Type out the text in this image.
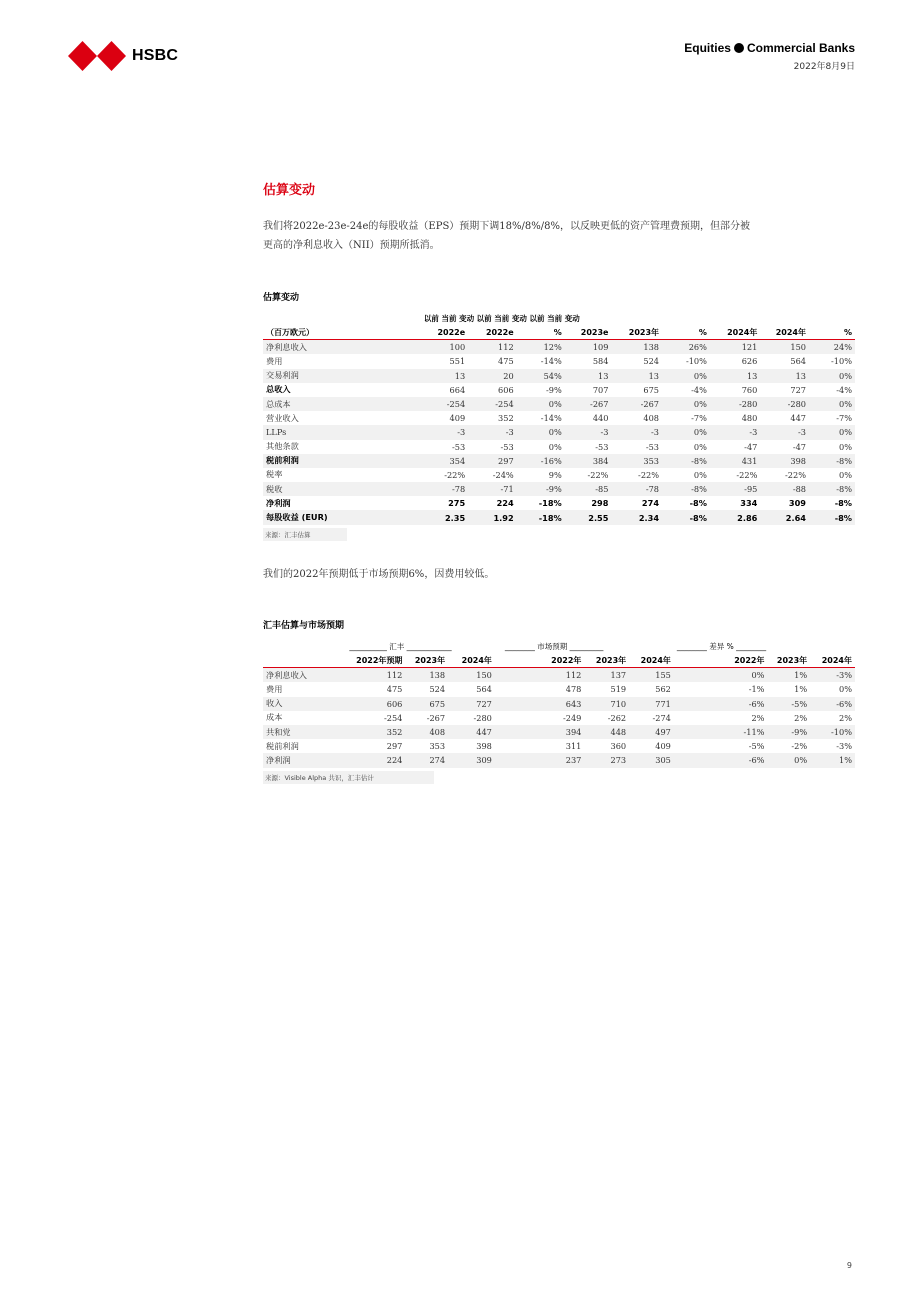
HSBC	Equities Commercial Banks
2022年8月9日
估算变动
我们将2022e-23e-24e的每股收益（EPS）预期下调18%/8%/8%，以反映更低的资产管理费预期，但部分被
更高的净利息收入（NII）预期所抵消。
估算变动
	以前 当前 变动 以前 当前 变动 以前 当前 变动								
（百万欧元）	2022e	2022e	%	2023e	2023年	%	2024年	2024年	%
净利息收入	100	112	12%	109	138	26%	121	150	24%
费用	551	475	-14%	584	524	-10%	626	564	-10%
交易利润	13	20	54%	13	13	0%	13	13	0%
总收入	664	606	-9%	707	675	-4%	760	727	-4%
总成本	-254	-254	0%	-267	-267	0%	-280	-280	0%
营业收入	409	352	-14%	440	408	-7%	480	447	-7%
LLPs	-3	-3	0%	-3	-3	0%	-3	-3	0%
其他条款	-53	-53	0%	-53	-53	0%	-47	-47	0%
税前利润	354	297	-16%	384	353	-8%	431	398	-8%
税率	-22%	-24%	9%	-22%	-22%	0%	-22%	-22%	0%
税收	-78	-71	-9%	-85	-78	-8%	-95	-88	-8%
净利润	275	224	-18%	298	274	-8%	334	309	-8%
每股收益 (EUR)	2.35	1.92	-18%	2.55	2.34	-8%	2.86	2.64	-8%
来源：汇丰估算
我们的2022年预期低于市场预期6%，因费用较低。
汇丰估算与市场预期
	__________ 汇丰 ____________			________ 市场预期 _________				________ 差异 % ________			
	2022年预期	2023年	2024年		2022年	2023年	2024年		2022年	2023年	2024年
净利息收入	112	138	150		112	137	155		0%	1%	-3%
费用	475	524	564		478	519	562		-1%	1%	0%
收入	606	675	727		643	710	771		-6%	-5%	-6%
成本	-254	-267	-280		-249	-262	-274		2%	2%	2%
共和党	352	408	447		394	448	497		-11%	-9%	-10%
税前利润	297	353	398		311	360	409		-5%	-2%	-3%
净利润	224	274	309		237	273	305		-6%	0%	1%
来源：Visible Alpha 共识，汇丰估计
9
